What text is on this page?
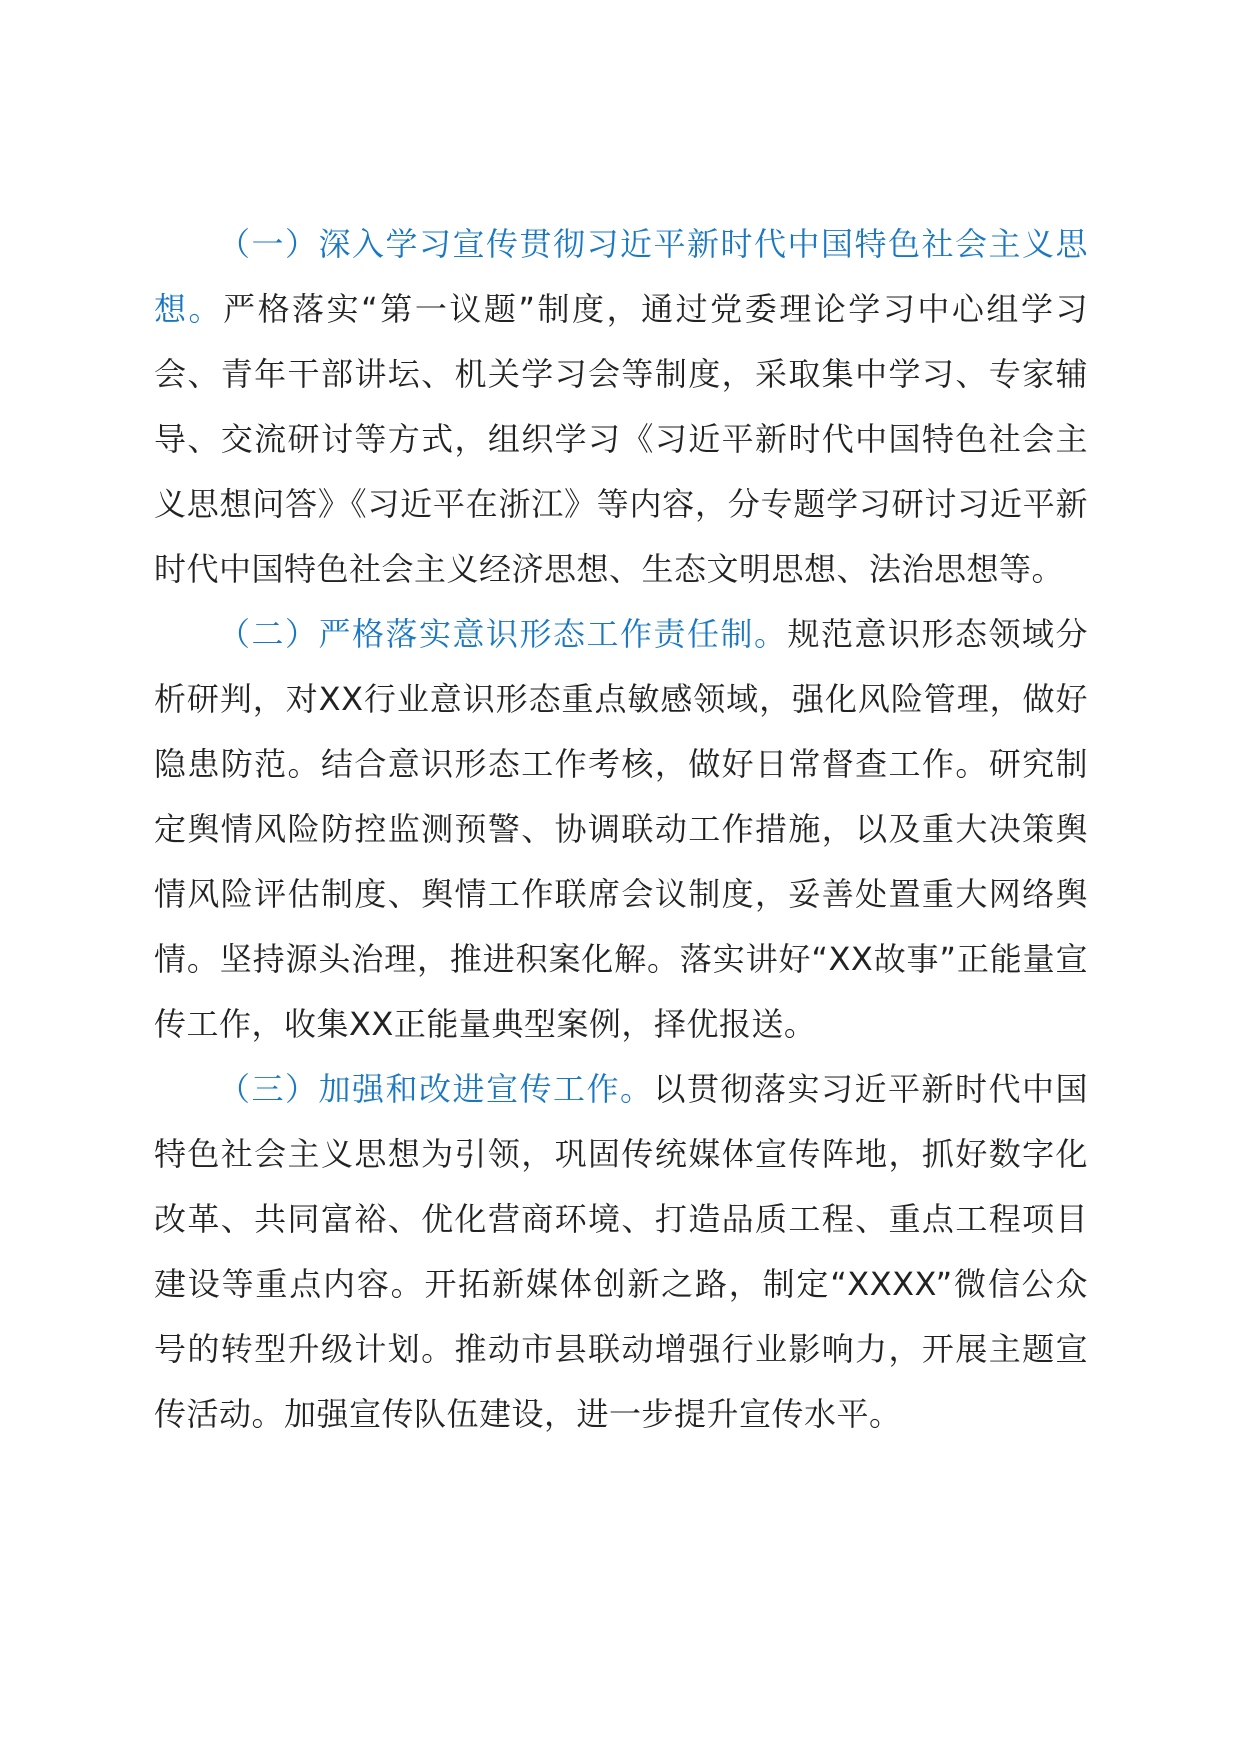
（一）深入学习宣传贯彻习近平新时代中国特色社会主义思想。严格落实“第一议题”制度，通过党委理论学习中心组学习会、青年干部讲坛、机关学习会等制度，采取集中学习、专家辅导、交流研讨等方式，组织学习《习近平新时代中国特色社会主义思想问答》《习近平在浙江》等内容，分专题学习研讨习近平新时代中国特色社会主义经济思想、生态文明思想、法治思想等。

（二）严格落实意识形态工作责任制。规范意识形态领域分析研判，对XX行业意识形态重点敏感领域，强化风险管理，做好隐患防范。结合意识形态工作考核，做好日常督查工作。研究制定舆情风险防控监测预警、协调联动工作措施，以及重大决策舆情风险评估制度、舆情工作联席会议制度，妥善处置重大网络舆情。坚持源头治理，推进积案化解。落实讲好“XX故事”正能量宣传工作，收集XX正能量典型案例，择优报送。

（三）加强和改进宣传工作。以贯彻落实习近平新时代中国特色社会主义思想为引领，巩固传统媒体宣传阵地，抓好数字化改革、共同富裕、优化营商环境、打造品质工程、重点工程项目建设等重点内容。开拓新媒体创新之路，制定“XXXX”微信公众号的转型升级计划。推动市县联动增强行业影响力，开展主题宣传活动。加强宣传队伍建设，进一步提升宣传水平。
